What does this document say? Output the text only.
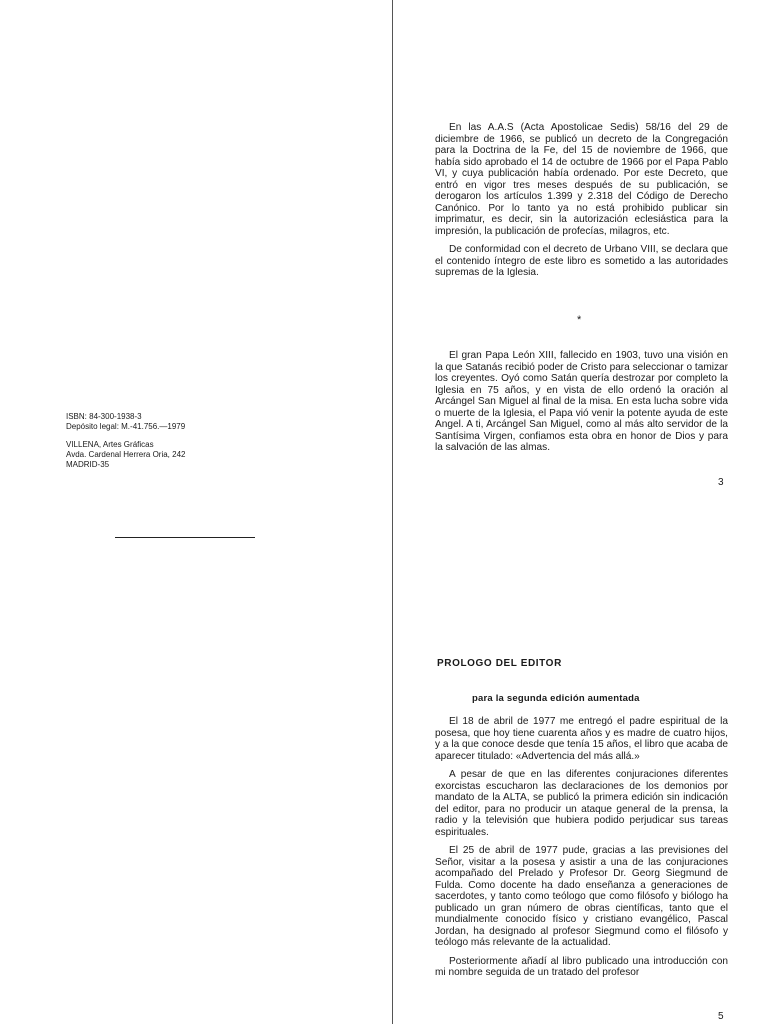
ISBN: 84-300-1938-3
Depósito legal: M.-41.756.—1979
VILLENA, Artes Gráficas
Avda. Cardenal Herrera Oria, 242
MADRID-35

En las A.A.S (Acta Apostolicae Sedis) 58/16 del 29 de diciembre de 1966, se publicó un decreto de la Congregación para la Doctrina de la Fe, del 15 de noviembre de 1966, que había sido aprobado el 14 de octubre de 1966 por el Papa Pablo VI, y cuya publicación había ordenado. Por este Decreto, que entró en vigor tres meses después de su publicación, se derogaron los artículos 1.399 y 2.318 del Código de Derecho Canónico. Por lo tanto ya no está prohibido publicar sin imprimatur, es decir, sin la autorización eclesiástica para la impresión, la publicación de profecías, milagros, etc.

De conformidad con el decreto de Urbano VIII, se declara que el contenido íntegro de este libro es sometido a las autoridades supremas de la Iglesia.

*

El gran Papa León XIII, fallecido en 1903, tuvo una visión en la que Satanás recibió poder de Cristo para seleccionar o tamizar los creyentes. Oyó como Satán quería destrozar por completo la Iglesia en 75 años, y en vista de ello ordenó la oración al Arcángel San Miguel al final de la misa. En esta lucha sobre vida o muerte de la Iglesia, el Papa vió venir la potente ayuda de este Angel. A ti, Arcángel San Miguel, como al más alto servidor de la Santísima Virgen, confiamos esta obra en honor de Dios y para la salvación de las almas.

3
PROLOGO DEL EDITOR
para la segunda edición aumentada

El 18 de abril de 1977 me entregó el padre espiritual de la posesa, que hoy tiene cuarenta años y es madre de cuatro hijos, y a la que conoce desde que tenía 15 años, el libro que acaba de aparecer titulado: «Advertencia del más allá.»

A pesar de que en las diferentes conjuraciones diferentes exorcistas escucharon las declaraciones de los demonios por mandato de la ALTA, se publicó la primera edición sin indicación del editor, para no producir un ataque general de la prensa, la radio y la televisión que hubiera podido perjudicar sus tareas espirituales.

El 25 de abril de 1977 pude, gracias a las previsiones del Señor, visitar a la posesa y asistir a una de las conjuraciones acompañado del Prelado y Profesor Dr. Georg Siegmund de Fulda. Como docente ha dado enseñanza a generaciones de sacerdotes, y tanto como teólogo que como filósofo y biólogo ha publicado un gran número de obras científicas, tanto que el mundialmente conocido físico y cristiano evangélico, Pascal Jordan, ha designado al profesor Siegmund como el filósofo y teólogo más relevante de la actualidad.

Posteriormente añadí al libro publicado una introducción con mi nombre seguida de un tratado del profesor

5
